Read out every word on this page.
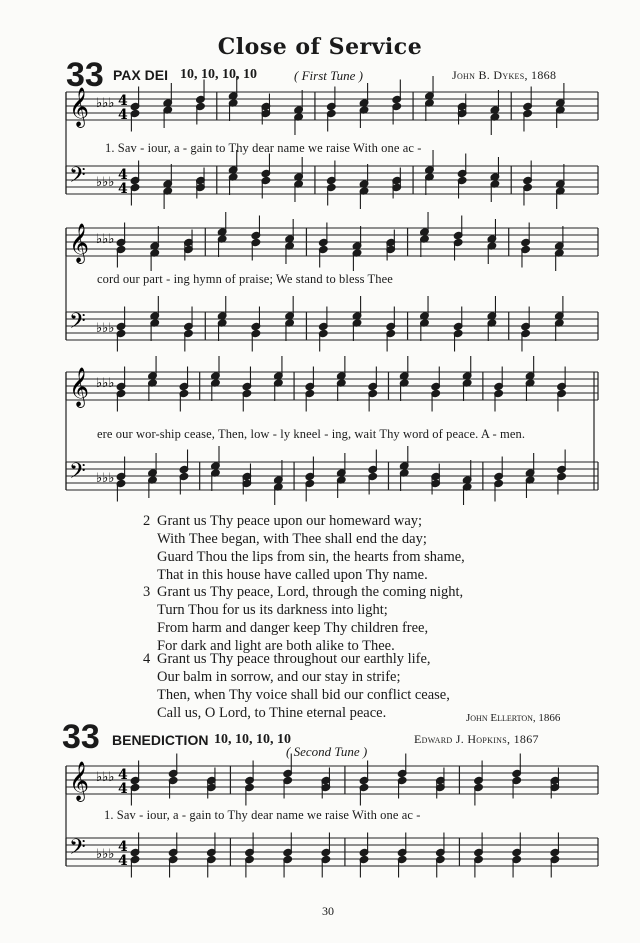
Close of Service
33 PAX DEI 10, 10, 10, 10	( First Tune )	John B. Dykes, 1868
𝄞
𝄢
♭♭♭
♭♭♭
4
4
4
4
𝄞
𝄢
♭♭♭
♭♭♭
𝄞
𝄢
♭♭♭
♭♭♭
𝄞
𝄢
♭♭♭
♭♭♭
4
4
4
4
1. Sav - iour, a - gain to Thy dear name we raise With one ac -
cord our part - ing hymn of praise; We stand to bless Thee
ere our wor-ship cease, Then, low - ly kneel - ing, wait Thy word of peace. A - men.
2 Grant us Thy peace upon our homeward way;
With Thee began, with Thee shall end the day;
Guard Thou the lips from sin, the hearts from shame,
That in this house have called upon Thy name.
3 Grant us Thy peace, Lord, through the coming night,
Turn Thou for us its darkness into light;
From harm and danger keep Thy children free,
For dark and light are both alike to Thee.
4 Grant us Thy peace throughout our earthly life,
Our balm in sorrow, and our stay in strife;
Then, when Thy voice shall bid our conflict cease,
Call us, O Lord, to Thine eternal peace.	John Ellerton, 1866
33 BENEDICTION 10, 10, 10, 10
( Second Tune )
Edward J. Hopkins, 1867
1. Sav - iour, a - gain to Thy dear name we raise With one ac -
30
